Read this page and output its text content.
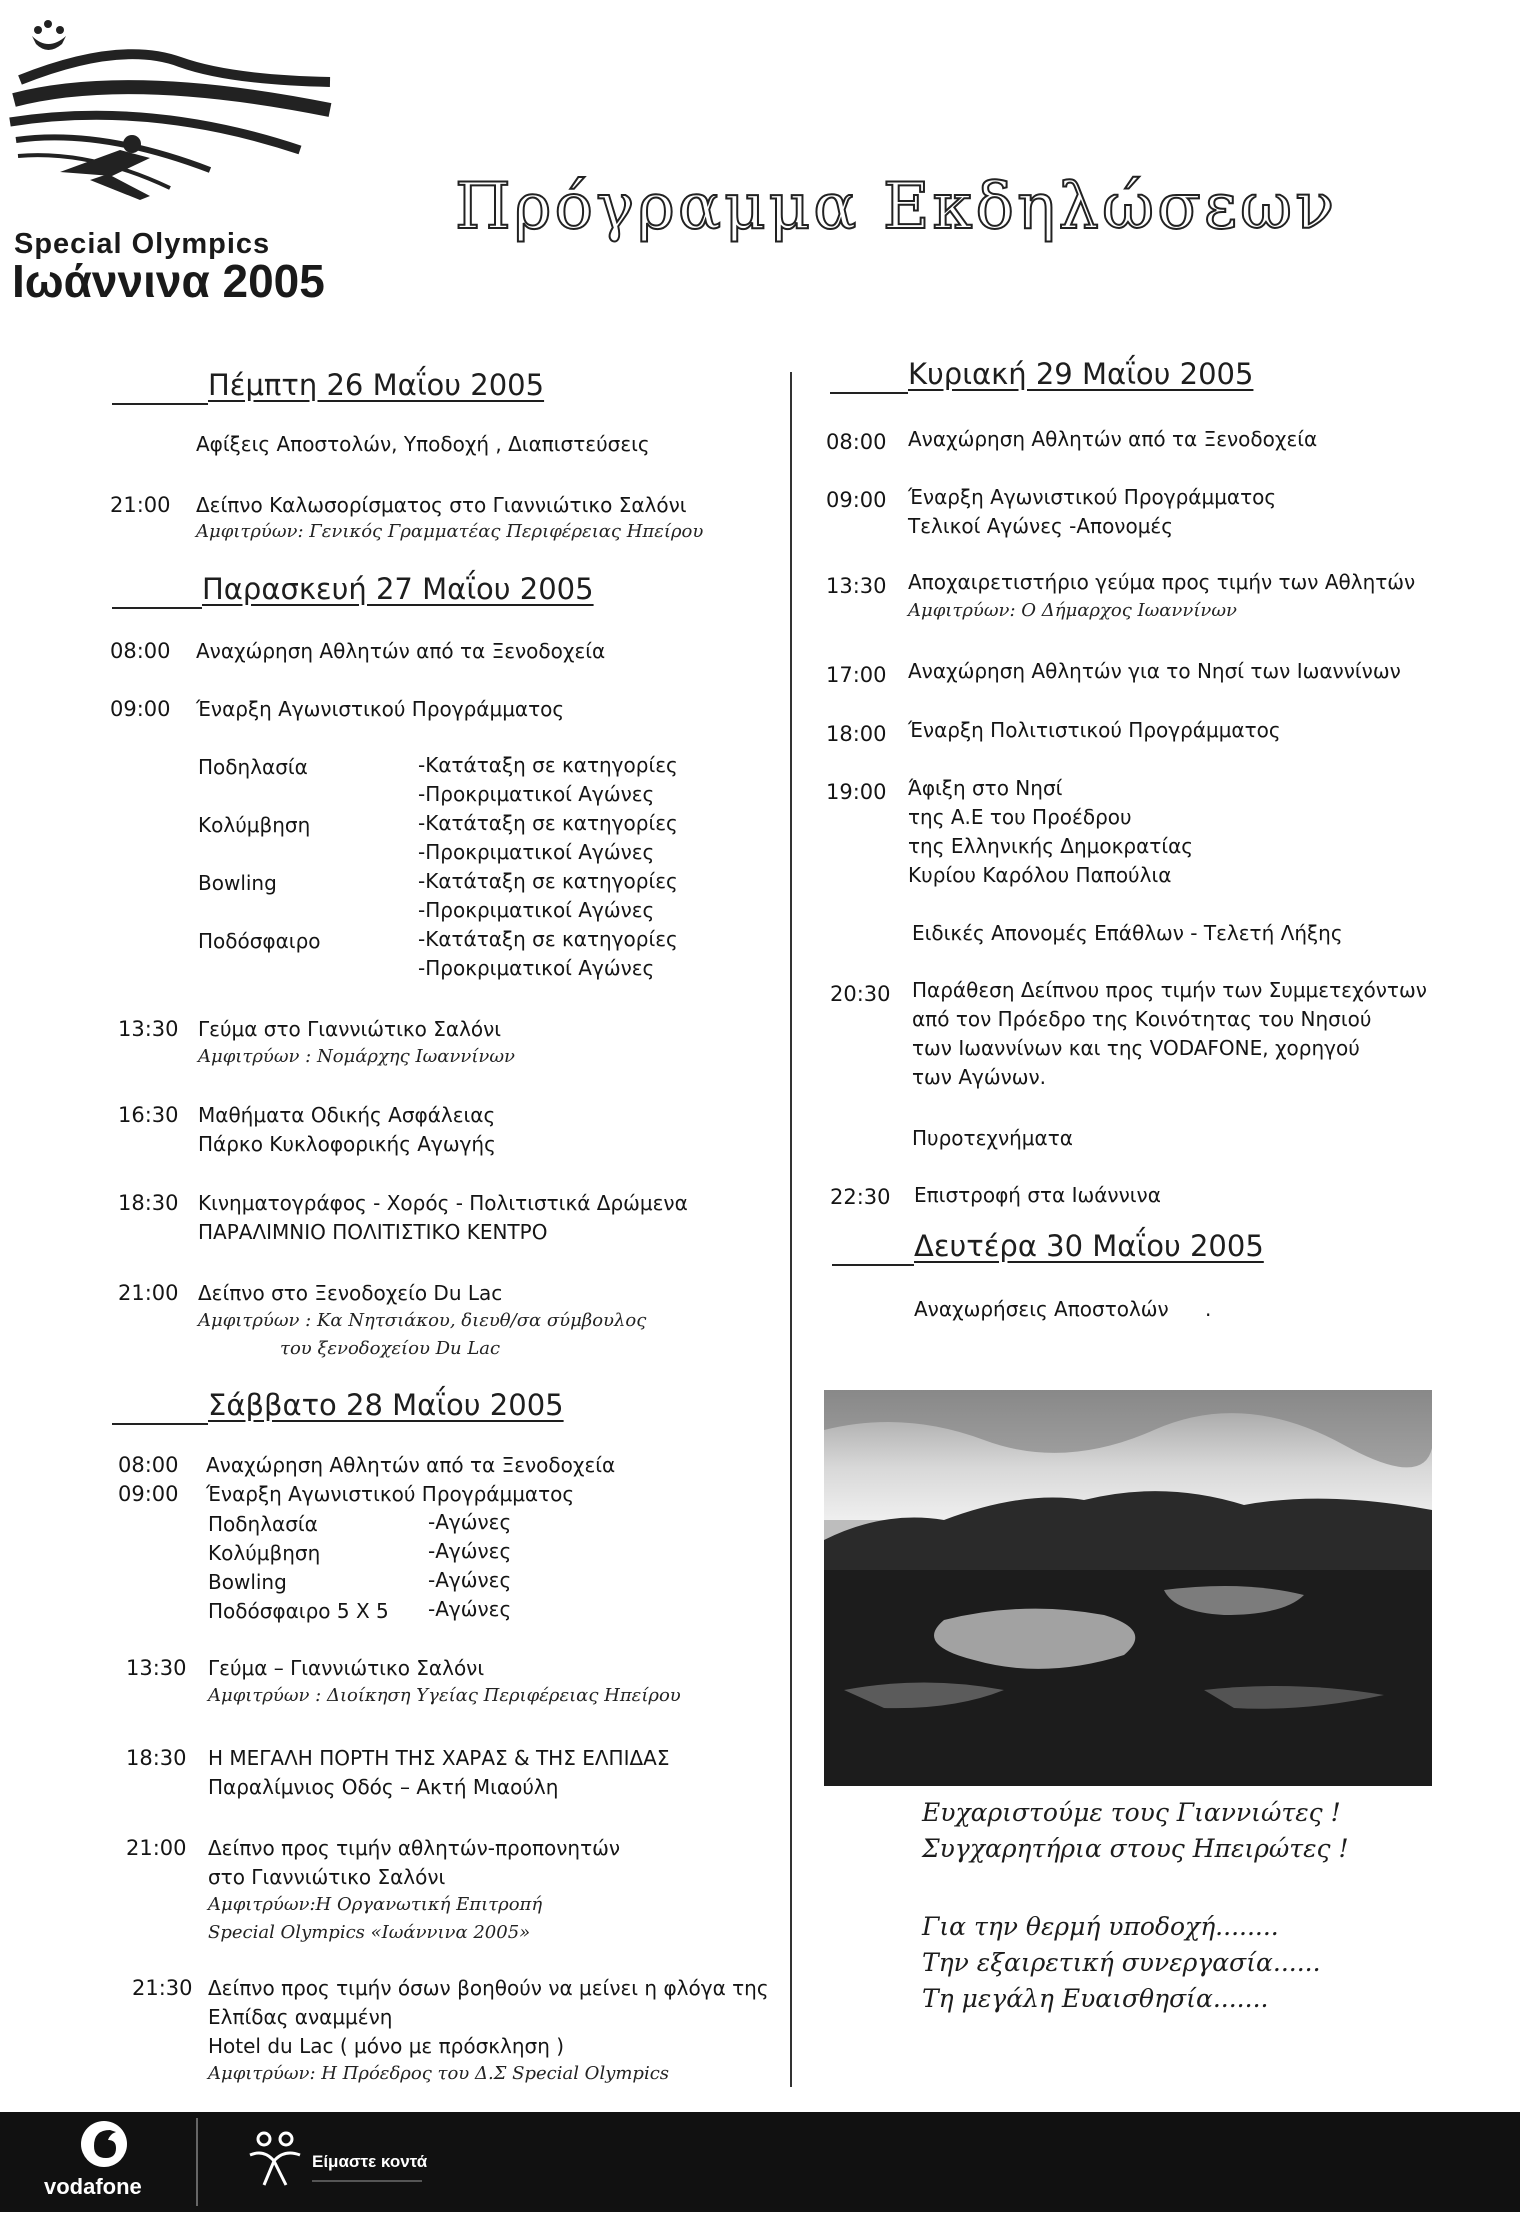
Special Olympics
Ιωάννινα 2005
Πρόγραμμα Εκδηλώσεων
Πέμπτη 26 Μαΐου 2005
Αφίξεις Αποστολών, Υποδοχή , Διαπιστεύσεις
21:00 Δείπνο Καλωσορίσματος στο Γιαννιώτικο Σαλόνι
Αμφιτρύων: Γενικός Γραμματέας Περιφέρειας Ηπείρου
Παρασκευή 27 Μαΐου 2005
08:00 Αναχώρηση Αθλητών από τα Ξενοδοχεία
09:00 Έναρξη Αγωνιστικού Προγράμματος
Ποδηλασία	-Κατάταξη σε κατηγορίες
-Προκριματικοί Αγώνες
Κολύμβηση	-Κατάταξη σε κατηγορίες
-Προκριματικοί Αγώνες
Bowling	-Κατάταξη σε κατηγορίες
-Προκριματικοί Αγώνες
Ποδόσφαιρο	-Κατάταξη σε κατηγορίες
-Προκριματικοί Αγώνες
13:30 Γεύμα στο Γιαννιώτικο Σαλόνι
Αμφιτρύων : Νομάρχης Ιωαννίνων
16:30 Μαθήματα Οδικής Ασφάλειας
Πάρκο Κυκλοφορικής Αγωγής
18:30 Κινηματογράφος - Χορός - Πολιτιστικά Δρώμενα
ΠΑΡΑΛΙΜΝΙΟ ΠΟΛΙΤΙΣΤΙΚΟ ΚΕΝΤΡΟ
21:00 Δείπνο στο Ξενοδοχείο Du Lac
Αμφιτρύων : Κα Νητσιάκου, διευθ/σα σύμβουλος
του ξενοδοχείου Du Lac
Σάββατο 28 Μαΐου 2005
08:00 Αναχώρηση Αθλητών από τα Ξενοδοχεία
09:00 Έναρξη Αγωνιστικού Προγράμματος
Ποδηλασία	-Αγώνες
Κολύμβηση	-Αγώνες
Bowling	-Αγώνες
Ποδόσφαιρο 5 Χ 5 -Αγώνες
13:30 Γεύμα – Γιαννιώτικο Σαλόνι
Αμφιτρύων : Διοίκηση Υγείας Περιφέρειας Ηπείρου
18:30 Η ΜΕΓΑΛΗ ΠΟΡΤΗ ΤΗΣ ΧΑΡΑΣ & ΤΗΣ ΕΛΠΙΔΑΣ
Παραλίμνιος Οδός – Ακτή Μιαούλη
21:00 Δείπνο προς τιμήν αθλητών-προπονητών
στο Γιαννιώτικο Σαλόνι
Αμφιτρύων:Η Οργανωτική Επιτροπή
Special Olympics «Ιωάννινα 2005»
21:30 Δείπνο προς τιμήν όσων βοηθούν να μείνει η φλόγα της
Ελπίδας αναμμένη
Hotel du Lac ( μόνο με πρόσκληση )
Αμφιτρύων: Η Πρόεδρος του Δ.Σ Special Olympics
Κυριακή 29 Μαΐου 2005
08:00 Αναχώρηση Αθλητών από τα Ξενοδοχεία
09:00 Έναρξη Αγωνιστικού Προγράμματος
Τελικοί Αγώνες -Απονομές
13:30 Αποχαιρετιστήριο γεύμα προς τιμήν των Αθλητών
Αμφιτρύων: Ο Δήμαρχος Ιωαννίνων
17:00 Αναχώρηση Αθλητών για το Νησί των Ιωαννίνων
18:00 Έναρξη Πολιτιστικού Προγράμματος
19:00 Άφιξη στο Νησί
της Α.Ε του Προέδρου
της Ελληνικής Δημοκρατίας
Κυρίου Καρόλου Παπούλια
Ειδικές Απονομές Επάθλων - Τελετή Λήξης
20:30 Παράθεση Δείπνου προς τιμήν των Συμμετεχόντων
από τον Πρόεδρο της Κοινότητας του Νησιού
των Ιωαννίνων και της VODAFONE, χορηγού
των Αγώνων.
Πυροτεχνήματα
22:30 Επιστροφή στα Ιωάννινα
Δευτέρα 30 Μαΐου 2005
Αναχωρήσεις Αποστολών .
Ευχαριστούμε τους Γιαννιώτες !
Συγχαρητήρια στους Ηπειρώτες !
Για την θερμή υποδοχή........
Την εξαιρετική συνεργασία......
Τη μεγάλη Ευαισθησία.......
vodafone
Είμαστε κοντά
